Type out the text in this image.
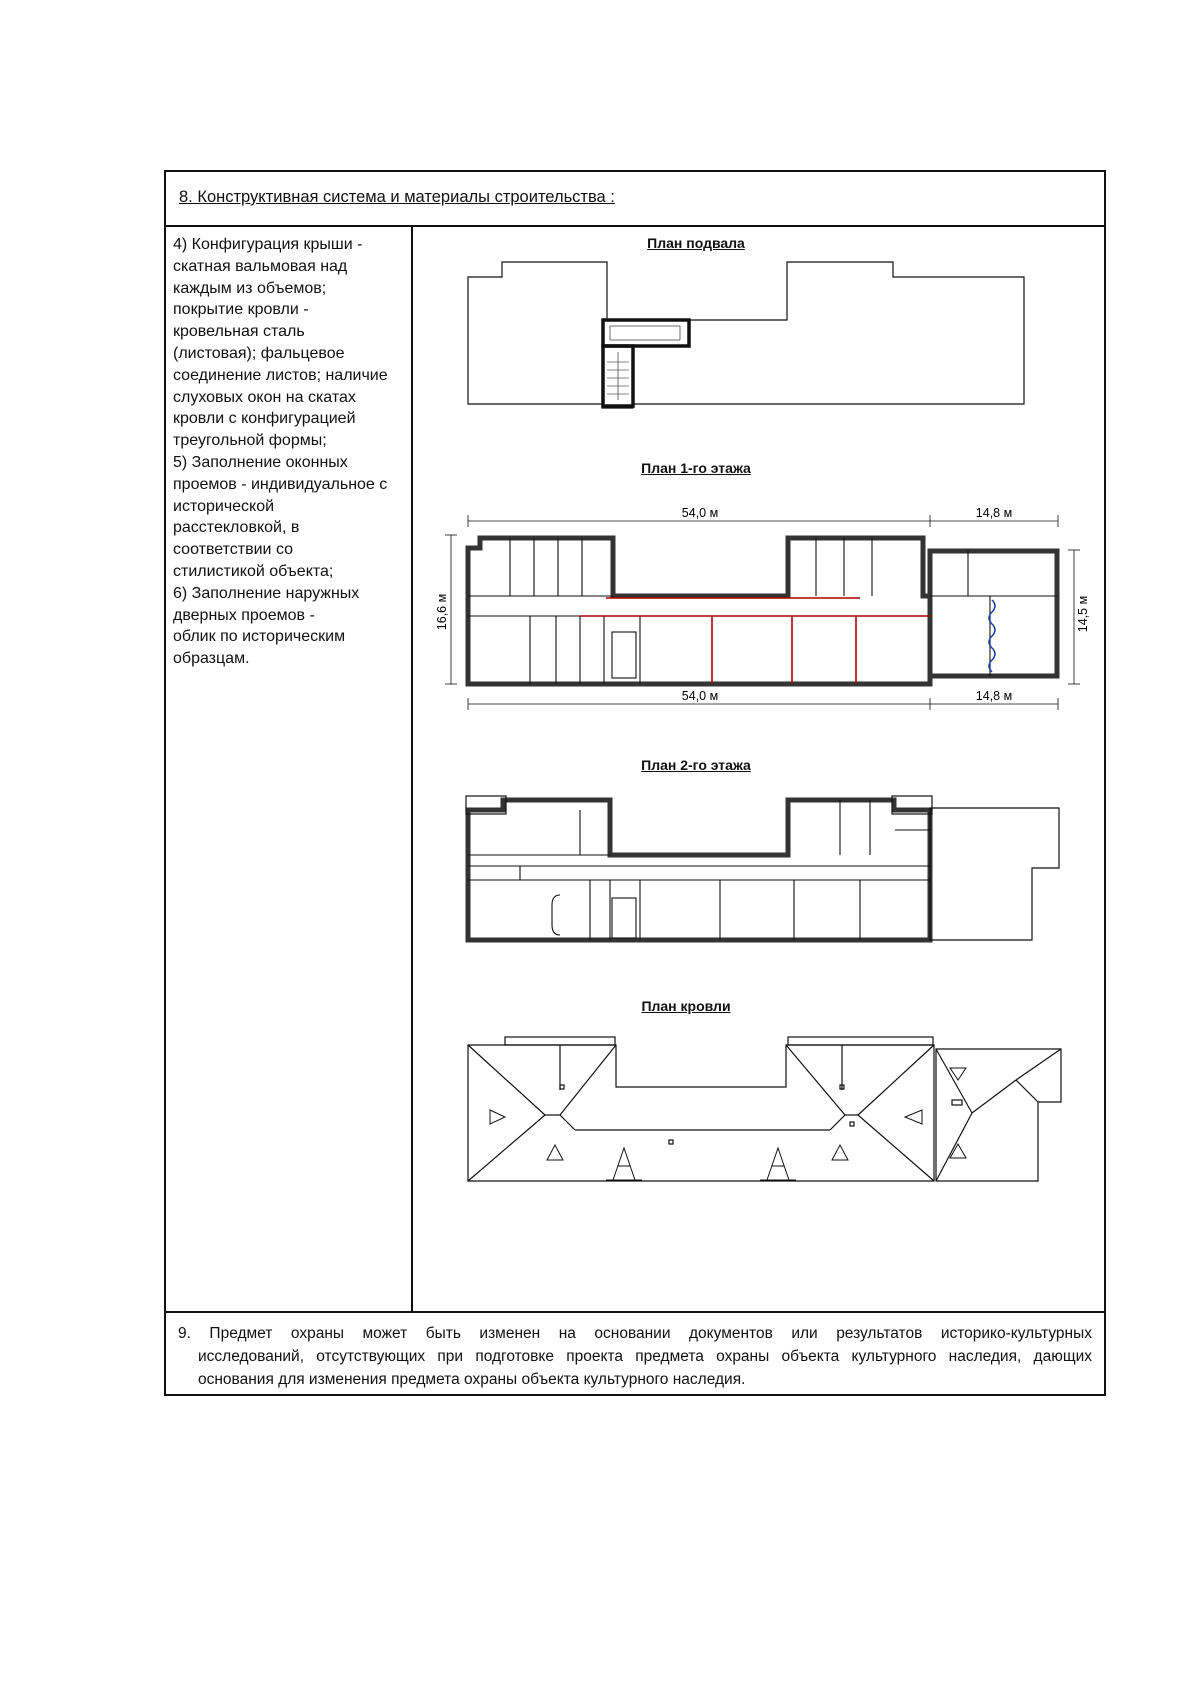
8. Конструктивная система и материалы строительства :
4) Конфигурация крыши -
скатная вальмовая над
каждым из объемов;
покрытие кровли -
кровельная сталь
(листовая); фальцевое
соединение листов; наличие
слуховых окон на скатах
кровли с конфигурацией
треугольной формы;
5) Заполнение оконных
проемов - индивидуальное с
исторической
расстекловкой, в
соответствии со
стилистикой объекта;
6) Заполнение наружных
дверных проемов -
облик по историческим
образцам.
План подвала
План 1-го этажа
План 2-го этажа
План кровли
54,0 м	14,8 м
54,0 м	14,8 м
16,6 м	14,5 м
9. Предмет охраны может быть изменен на основании документов или результатов историко-культурных
исследований, отсутствующих при подготовке проекта предмета охраны объекта культурного наследия, дающих
основания для изменения предмета охраны объекта культурного наследия.
